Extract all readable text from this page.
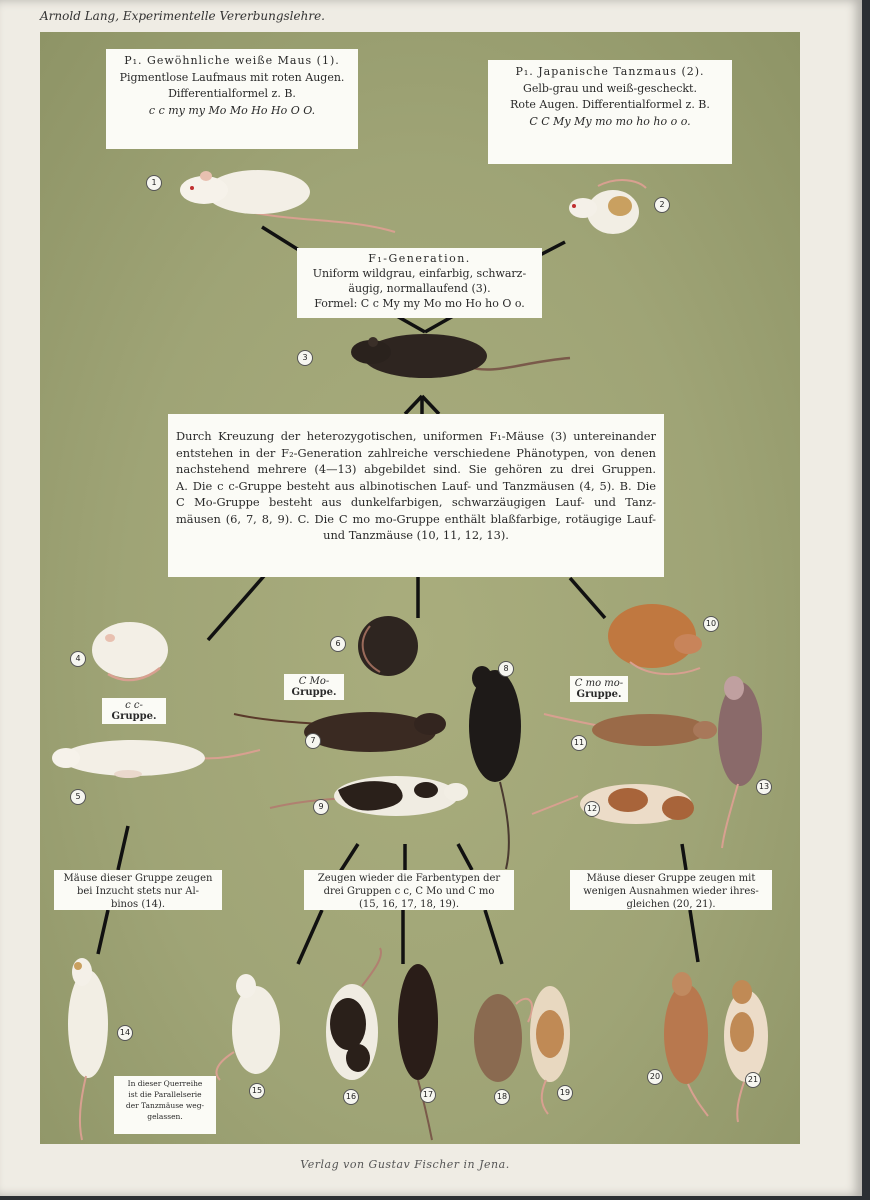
Arnold Lang, Experimentelle Vererbungslehre.
P₁. Gewöhnliche weiße Maus (1).
Pigmentlose Laufmaus mit roten Augen.
Differentialformel z. B.
c c my my Mo Mo Ho Ho O O.
P₁. Japanische Tanzmaus (2).
Gelb-grau und weiß-gescheckt.
Rote Augen. Differentialformel z. B.
C C My My mo mo ho ho o o.
F₁-Generation.
Uniform wildgrau, einfarbig, schwarz-
äugig, normallaufend (3).
Formel: C c My my Mo mo Ho ho O o.
Durch Kreuzung der heterozygotischen, uniformen F₁-Mäuse (3) untereinander
entstehen in der F₂-Generation zahlreiche verschiedene Phänotypen, von denen
nachstehend mehrere (4—13) abgebildet sind. Sie gehören zu drei Gruppen.
A. Die c c-Gruppe besteht aus albinotischen Lauf- und Tanzmäusen (4, 5). B. Die
C Mo-Gruppe besteht aus dunkelfarbigen, schwarzäugigen Lauf- und Tanz-
mäusen (6, 7, 8, 9). C. Die C mo mo-Gruppe enthält blaßfarbige, rotäugige Lauf-
und Tanzmäuse (10, 11, 12, 13).
c c-
Gruppe.
C Mo-
Gruppe.
C mo mo-
Gruppe.
Mäuse dieser Gruppe zeugen
bei Inzucht stets nur Al-
binos (14).
Zeugen wieder die Farbentypen der
drei Gruppen c c, C Mo und C mo
(15, 16, 17, 18, 19).
Mäuse dieser Gruppe zeugen mit
wenigen Ausnahmen wieder ihres-
gleichen (20, 21).
In dieser Querreihe
ist die Parallelserie
der Tanzmäuse weg-
gelassen.
1
2
3
4
5
6
7
8
9
10
11
12
13
14
15
16	17	18	19
20	21
Verlag von Gustav Fischer in Jena.
